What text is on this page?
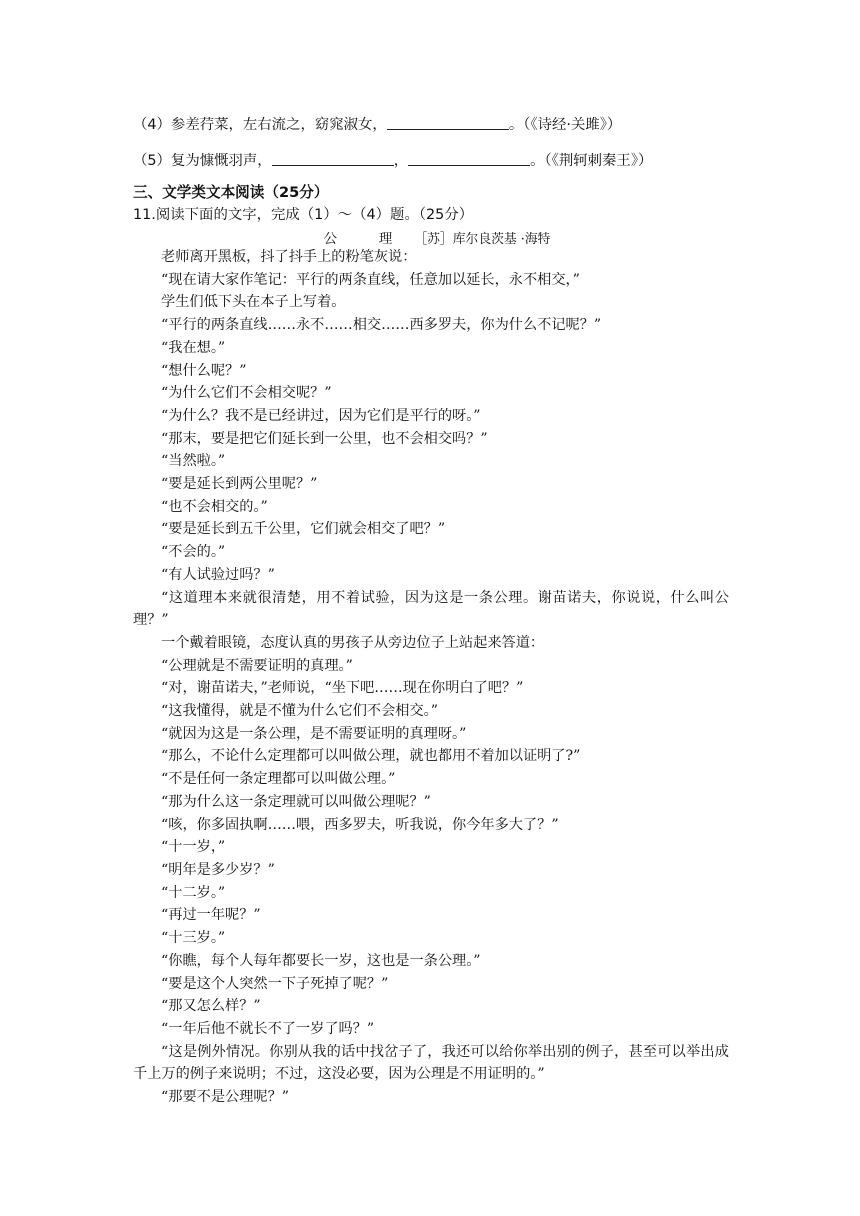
（4）参差荇菜，左右流之，窈窕淑女，	。（《诗经·关雎》）
（5）复为慷慨羽声，	，	。（《荆轲刺秦王》）
三、文学类文本阅读（25分）
11.阅读下面的文字，完成（1）～（4）题。（25分）
公　理 ［苏］库尔良茨基 ·海特

老师离开黑板，抖了抖手上的粉笔灰说：

“现在请大家作笔记：平行的两条直线，任意加以延长，永不相交，”

学生们低下头在本子上写着。

“平行的两条直线……永不……相交……西多罗夫，你为什么不记呢？”

“我在想。”

“想什么呢？”

“为什么它们不会相交呢？”

“为什么？我不是已经讲过，因为它们是平行的呀。”

“那末，要是把它们延长到一公里，也不会相交吗？”

“当然啦。”

“要是延长到两公里呢？”

“也不会相交的。”

“要是延长到五千公里，它们就会相交了吧？”

“不会的。”

“有人试验过吗？”

“这道理本来就很清楚，用不着试验，因为这是一条公理。谢苗诺夫，你说说，什么叫公理？”

一个戴着眼镜，态度认真的男孩子从旁边位子上站起来答道：

“公理就是不需要证明的真理。”

“对，谢苗诺夫，”老师说，“坐下吧……现在你明白了吧？”

“这我懂得，就是不懂为什么它们不会相交。”

“就因为这是一条公理，是不需要证明的真理呀。”

“那么，不论什么定理都可以叫做公理，就也都用不着加以证明了?”

“不是任何一条定理都可以叫做公理。”

“那为什么这一条定理就可以叫做公理呢？”

“咳，你多固执啊……喂，西多罗夫，听我说，你今年多大了？”

“十一岁，”

“明年是多少岁？”

“十二岁。”

“再过一年呢？”

“十三岁。”

“你瞧，每个人每年都要长一岁，这也是一条公理。”

“要是这个人突然一下子死掉了呢？”

“那又怎么样？”

“一年后他不就长不了一岁了吗？”

“这是例外情况。你别从我的话中找岔子了，我还可以给你举出别的例子，甚至可以举出成千上万的例子来说明；不过，这没必要，因为公理是不用证明的。”

“那要不是公理呢？”
